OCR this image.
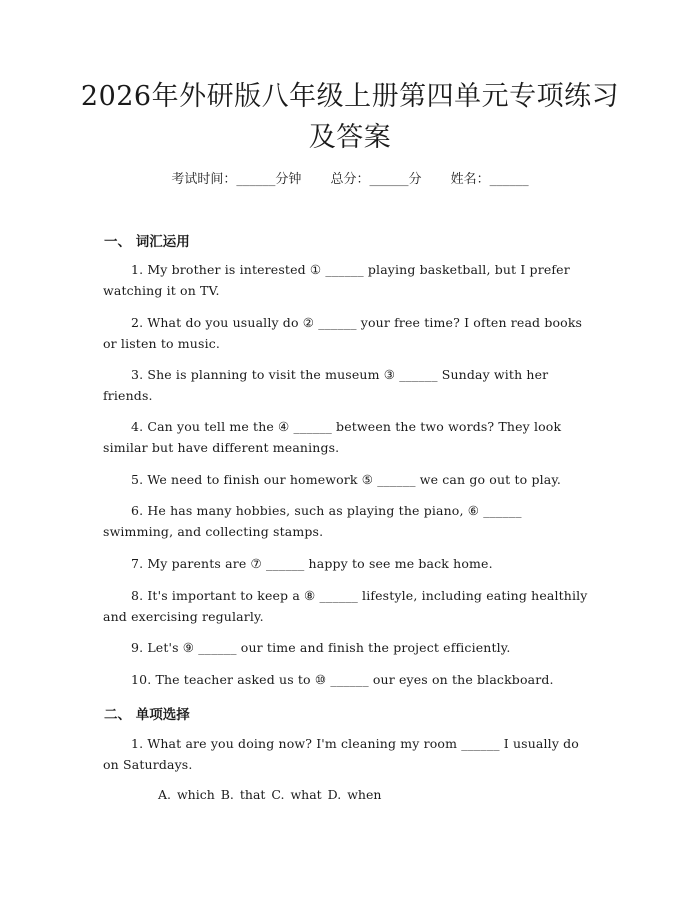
2026年外研版八年级上册第四单元专项练习
及答案
考试时间：______分钟 总分：______分 姓名：______
一、 词汇运用

1. My brother is interested ① ______ playing basketball, but I prefer watching it on TV.

2. What do you usually do ② ______ your free time? I often read books or listen to music.

3. She is planning to visit the museum ③ ______ Sunday with her friends.

4. Can you tell me the ④ ______ between the two words? They look similar but have different meanings.

5. We need to finish our homework ⑤ ______ we can go out to play.

6. He has many hobbies, such as playing the piano, ⑥ ______ swimming, and collecting stamps.

7. My parents are ⑦ ______ happy to see me back home.

8. It's important to keep a ⑧ ______ lifestyle, including eating healthily and exercising regularly.

9. Let's ⑨ ______ our time and finish the project efficiently.

10. The teacher asked us to ⑩ ______ our eyes on the blackboard.

二、 单项选择

1. What are you doing now? I'm cleaning my room ______ I usually do on Saturdays.

A. which B. that C. what D. when
